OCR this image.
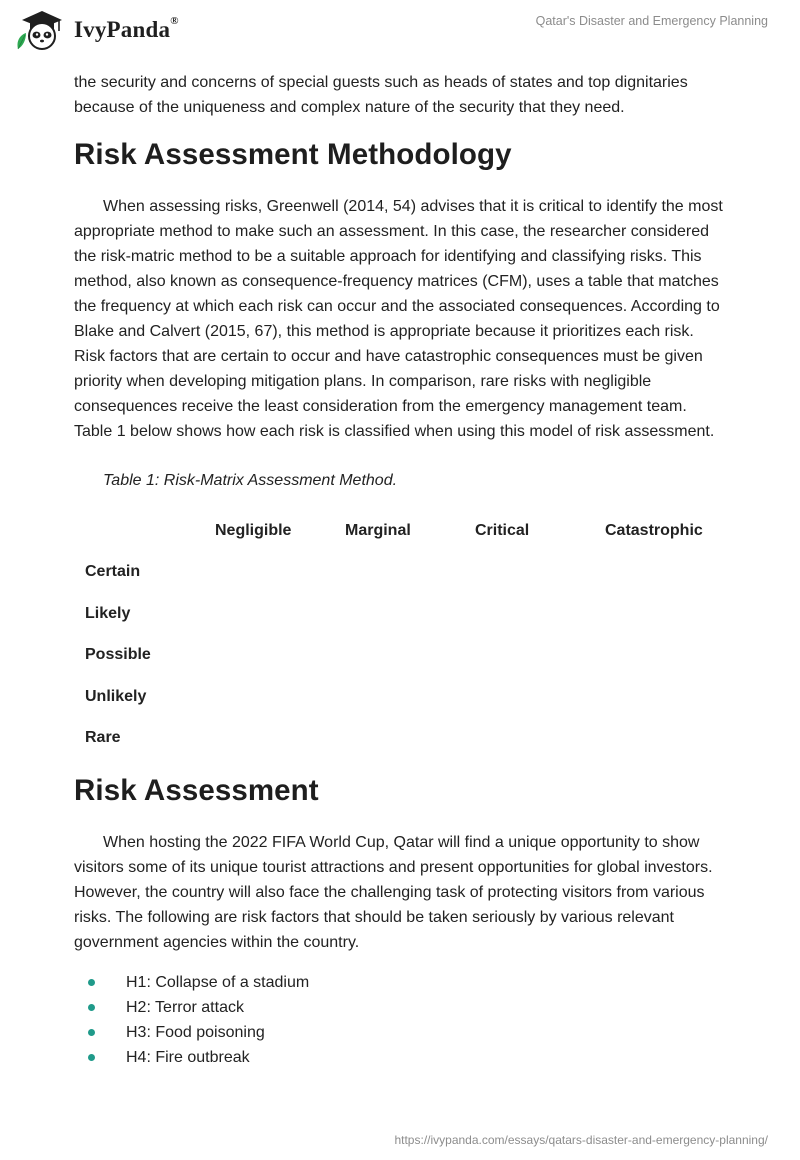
IvyPanda®	Qatar's Disaster and Emergency Planning

the security and concerns of special guests such as heads of states and top dignitaries because of the uniqueness and complex nature of the security that they need.

Risk Assessment Methodology

When assessing risks, Greenwell (2014, 54) advises that it is critical to identify the most appropriate method to make such an assessment. In this case, the researcher considered the risk-matric method to be a suitable approach for identifying and classifying risks. This method, also known as consequence-frequency matrices (CFM), uses a table that matches the frequency at which each risk can occur and the associated consequences. According to Blake and Calvert (2015, 67), this method is appropriate because it prioritizes each risk. Risk factors that are certain to occur and have catastrophic consequences must be given priority when developing mitigation plans. In comparison, rare risks with negligible consequences receive the least consideration from the emergency management team. Table 1 below shows how each risk is classified when using this model of risk assessment.

Table 1: Risk-Matrix Assessment Method.
	Negligible	Marginal	Critical	Catastrophic
Certain				
Likely				
Possible				
Unlikely				
Rare				
Risk Assessment

When hosting the 2022 FIFA World Cup, Qatar will find a unique opportunity to show visitors some of its unique tourist attractions and present opportunities for global investors. However, the country will also face the challenging task of protecting visitors from various risks. The following are risk factors that should be taken seriously by various relevant government agencies within the country.

H1: Collapse of a stadium
H2: Terror attack
H3: Food poisoning
H4: Fire outbreak
https://ivypanda.com/essays/qatars-disaster-and-emergency-planning/
